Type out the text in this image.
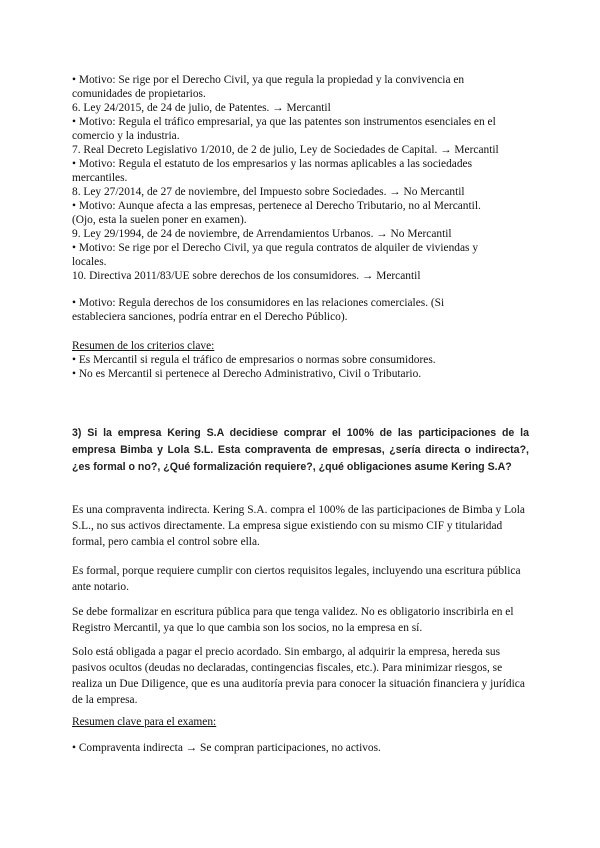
• Motivo: Se rige por el Derecho Civil, ya que regula la propiedad y la convivencia en
comunidades de propietarios.
6. Ley 24/2015, de 24 de julio, de Patentes. → Mercantil
• Motivo: Regula el tráfico empresarial, ya que las patentes son instrumentos esenciales en el
comercio y la industria.
7. Real Decreto Legislativo 1/2010, de 2 de julio, Ley de Sociedades de Capital. → Mercantil
• Motivo: Regula el estatuto de los empresarios y las normas aplicables a las sociedades
mercantiles.
8. Ley 27/2014, de 27 de noviembre, del Impuesto sobre Sociedades. → No Mercantil
• Motivo: Aunque afecta a las empresas, pertenece al Derecho Tributario, no al Mercantil.
(Ojo, esta la suelen poner en examen).
9. Ley 29/1994, de 24 de noviembre, de Arrendamientos Urbanos. → No Mercantil
• Motivo: Se rige por el Derecho Civil, ya que regula contratos de alquiler de viviendas y
locales.
10. Directiva 2011/83/UE sobre derechos de los consumidores. → Mercantil
• Motivo: Regula derechos de los consumidores en las relaciones comerciales. (Si
estableciera sanciones, podría entrar en el Derecho Público).
Resumen de los criterios clave:
• Es Mercantil si regula el tráfico de empresarios o normas sobre consumidores.
• No es Mercantil si pertenece al Derecho Administrativo, Civil o Tributario.
3) Si la empresa Kering S.A decidiese comprar el 100% de las participaciones de la empresa Bimba y Lola S.L. Esta compraventa de empresas, ¿sería directa o indirecta?, ¿es formal o no?, ¿Qué formalización requiere?, ¿qué obligaciones asume Kering S.A?
Es una compraventa indirecta. Kering S.A. compra el 100% de las participaciones de Bimba y Lola S.L., no sus activos directamente. La empresa sigue existiendo con su mismo CIF y titularidad formal, pero cambia el control sobre ella.
Es formal, porque requiere cumplir con ciertos requisitos legales, incluyendo una escritura pública ante notario.
Se debe formalizar en escritura pública para que tenga validez. No es obligatorio inscribirla en el Registro Mercantil, ya que lo que cambia son los socios, no la empresa en sí.
Solo está obligada a pagar el precio acordado. Sin embargo, al adquirir la empresa, hereda sus pasivos ocultos (deudas no declaradas, contingencias fiscales, etc.). Para minimizar riesgos, se realiza un Due Diligence, que es una auditoría previa para conocer la situación financiera y jurídica de la empresa.
Resumen clave para el examen:
• Compraventa indirecta → Se compran participaciones, no activos.
